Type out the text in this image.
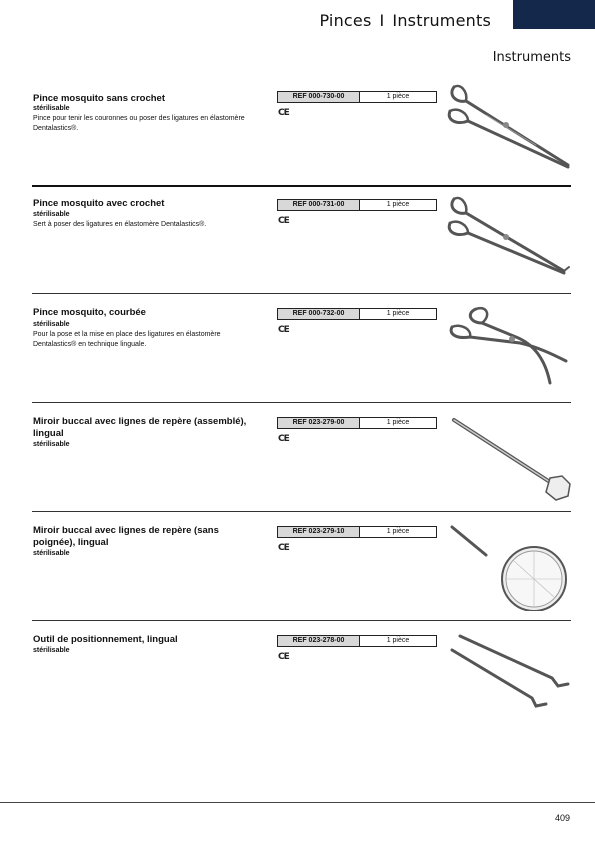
Pinces I Instruments
Instruments
Pince mosquito sans crochet
stérilisable
Pince pour tenir les couronnes ou poser des ligatures en élastomère Dentalastics®.
REF 000-730-00	1 pièce
CE
Pince mosquito avec crochet
stérilisable
Sert à poser des ligatures en élastomère Dentalastics®.
REF 000-731-00	1 pièce
CE
Pince mosquito, courbée
stérilisable
Pour la pose et la mise en place des ligatures en élastomère Dentalastics® en technique linguale.
REF 000-732-00	1 pièce
CE
Miroir buccal avec lignes de repère (assemblé), lingual
stérilisable
REF 023-279-00	1 pièce
CE
Miroir buccal avec lignes de repère (sans poignée), lingual
stérilisable
REF 023-279-10	1 pièce
CE
Outil de positionnement, lingual
stérilisable
REF 023-278-00	1 pièce
CE
409
